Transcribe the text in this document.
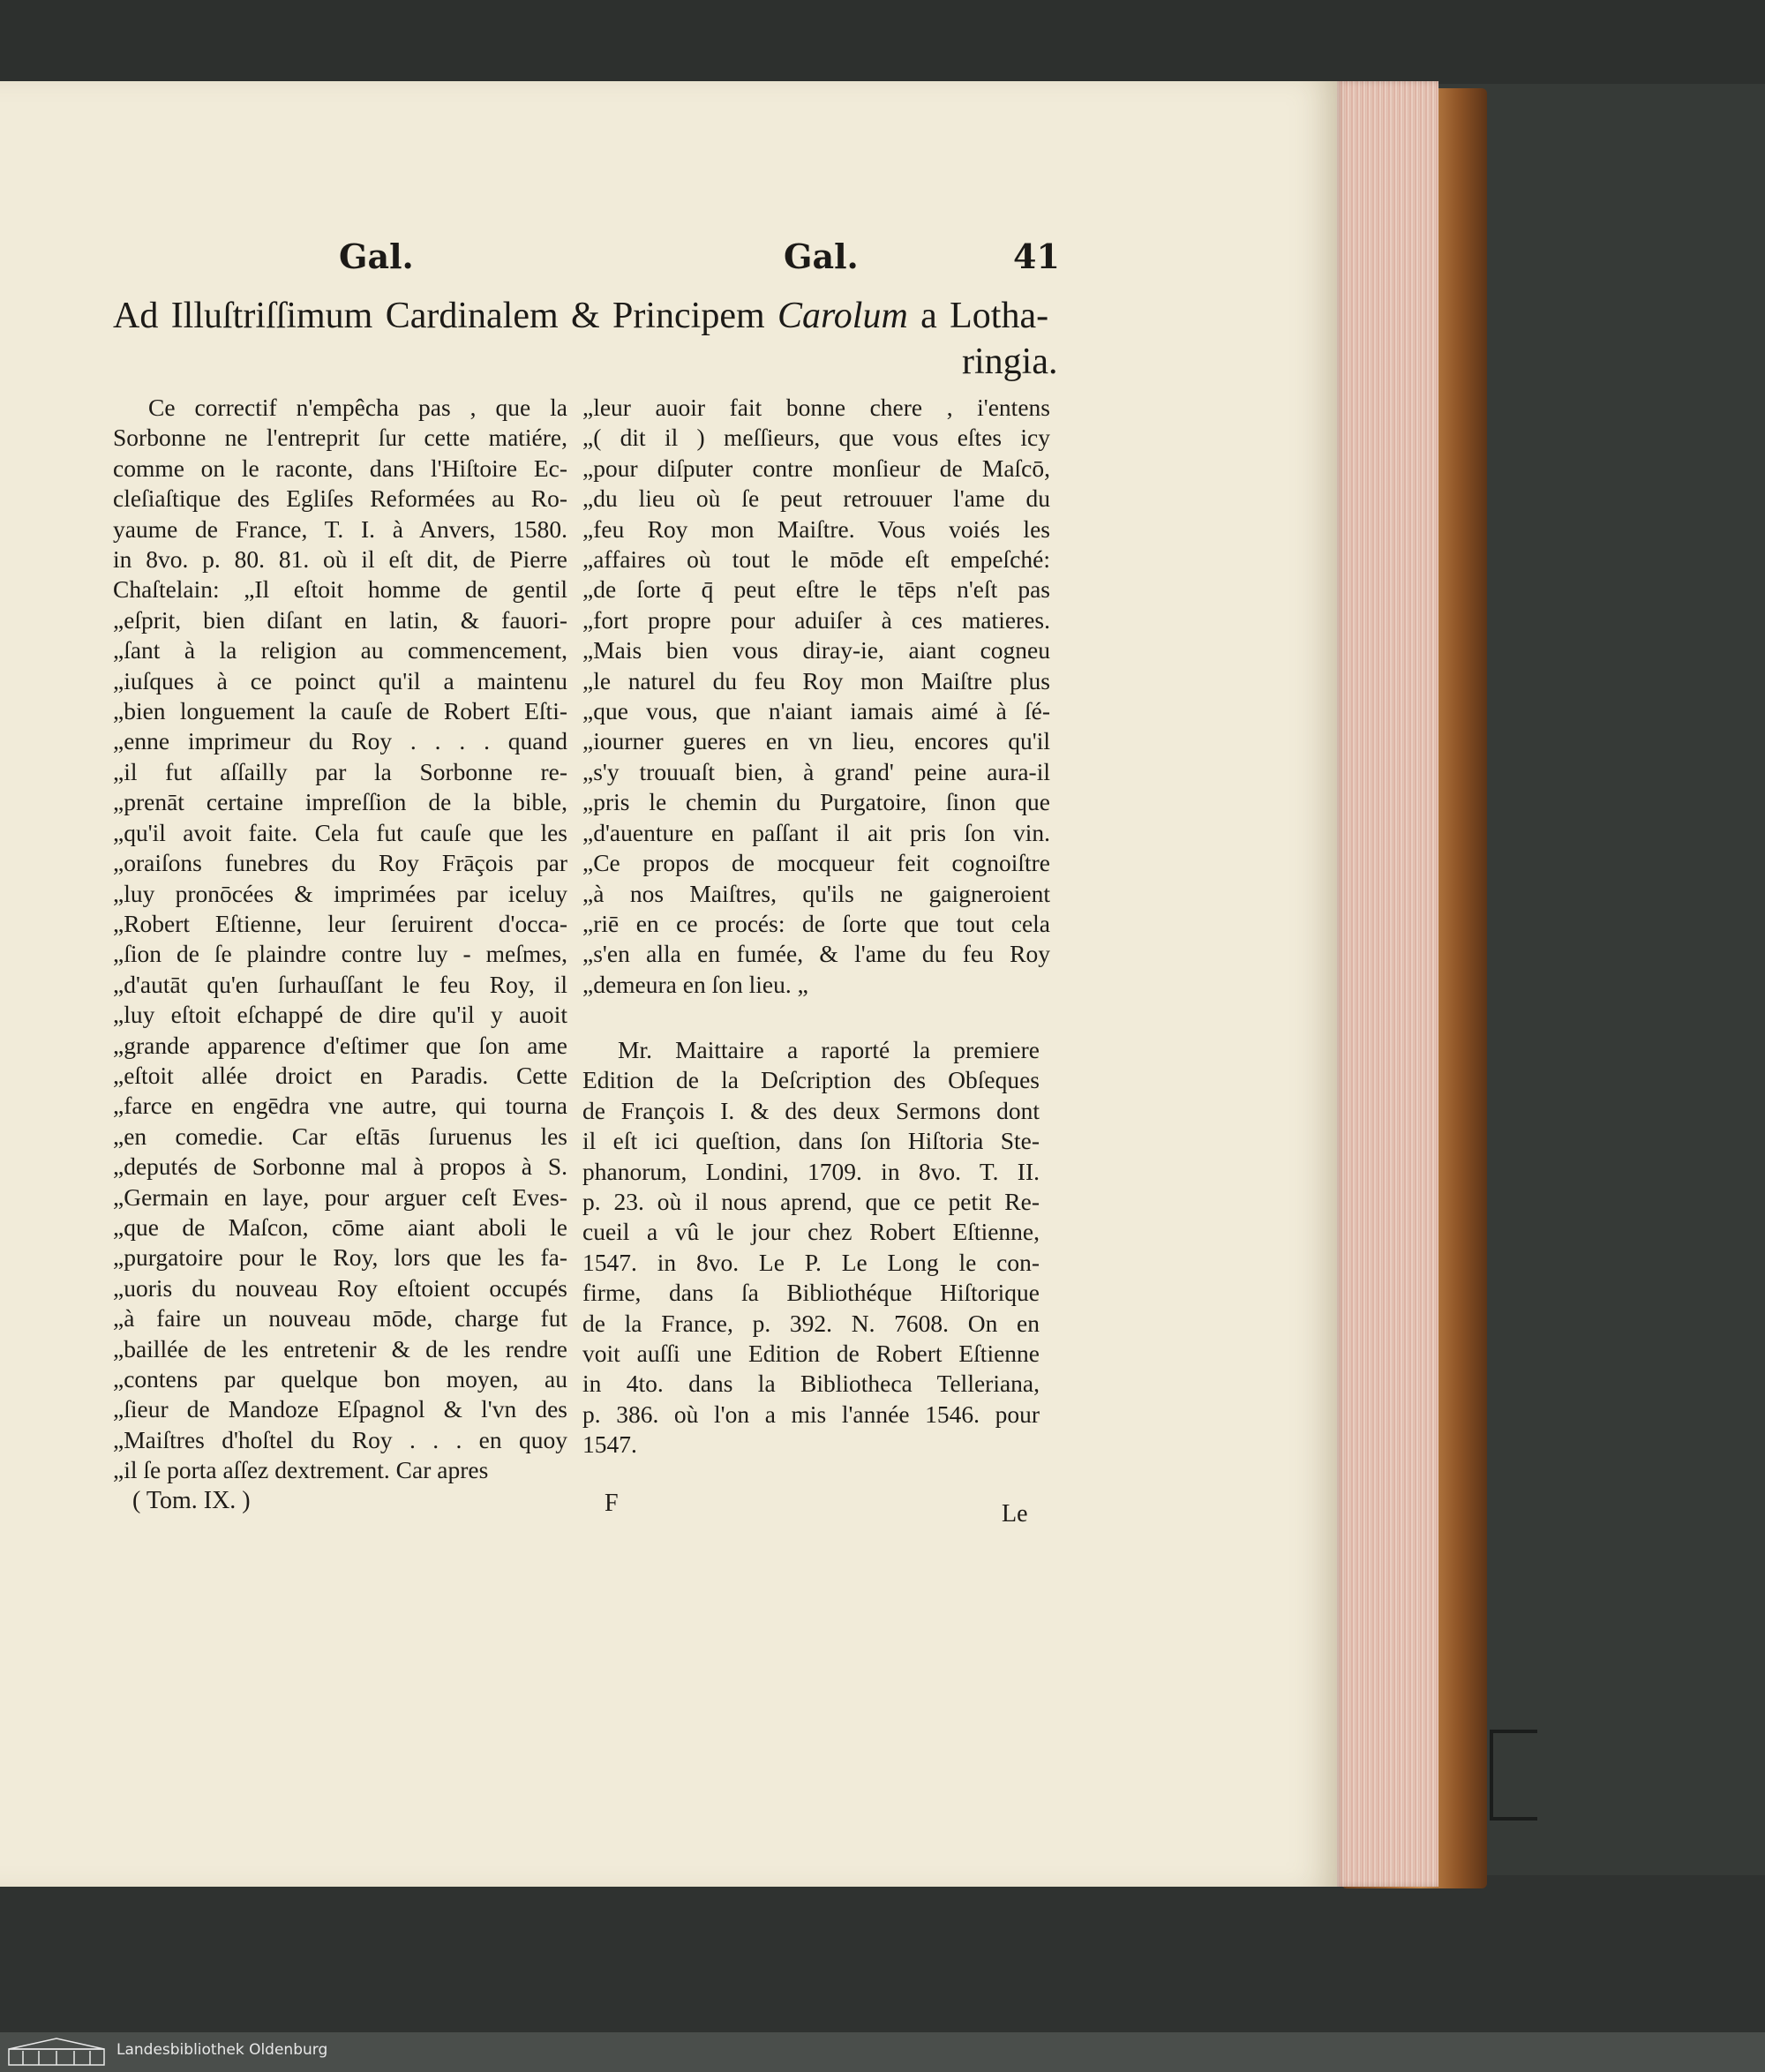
Gal.	Gal.	41
Ad Illuſtriſſimum Cardinalem & Principem Carolum a Lotha-
ringia.
Ce correctif n'empêcha pas , que la
Sorbonne ne l'entreprit ſur cette matiére,
comme on le raconte, dans l'Hiſtoire Ec-
cleſiaſtique des Egliſes Reformées au Ro-
yaume de France, T. I. à Anvers, 1580.
in 8vo. p. 80. 81. où il eſt dit, de Pierre
Chaſtelain: „Il eſtoit homme de gentil
„eſprit, bien diſant en latin, & fauori-
„ſant à la religion au commencement,
„iuſques à ce poinct qu'il a maintenu
„bien longuement la cauſe de Robert Eſti-
„enne imprimeur du Roy . . . . quand
„il fut aſſailly par la Sorbonne re-
„prenāt certaine impreſſion de la bible,
„qu'il avoit faite. Cela fut cauſe que les
„oraiſons funebres du Roy Frāçois par
„luy pronōcées & imprimées par iceluy
„Robert Eſtienne, leur ſeruirent d'occa-
„ſion de ſe plaindre contre luy - meſmes,
„d'autāt qu'en ſurhauſſant le feu Roy, il
„luy eſtoit eſchappé de dire qu'il y auoit
„grande apparence d'eſtimer que ſon ame
„eſtoit allée droict en Paradis. Cette
„farce en engēdra vne autre, qui tourna
„en comedie. Car eſtās ſuruenus les
„deputés de Sorbonne mal à propos à S.
„Germain en laye, pour arguer ceſt Eves-
„que de Maſcon, cōme aiant aboli le
„purgatoire pour le Roy, lors que les fa-
„uoris du nouveau Roy eſtoient occupés
„à faire un nouveau mōde, charge fut
„baillée de les entretenir & de les rendre
„contens par quelque bon moyen, au
„ſieur de Mandoze Eſpagnol & l'vn des
„Maiſtres d'hoſtel du Roy . . . en quoy
„il ſe porta aſſez dextrement. Car apres
„leur auoir fait bonne chere , i'entens
„( dit il ) meſſieurs, que vous eſtes icy
„pour diſputer contre monſieur de Maſcō,
„du lieu où ſe peut retrouuer l'ame du
„feu Roy mon Maiſtre. Vous voiés les
„affaires où tout le mōde eſt empeſché:
„de ſorte q̄ peut eſtre le tēps n'eſt pas
„fort propre pour aduiſer à ces matieres.
„Mais bien vous diray-ie, aiant cogneu
„le naturel du feu Roy mon Maiſtre plus
„que vous, que n'aiant iamais aimé à ſé-
„iourner gueres en vn lieu, encores qu'il
„s'y trouuaſt bien, à grand' peine aura-il
„pris le chemin du Purgatoire, ſinon que
„d'auenture en paſſant il ait pris ſon vin.
„Ce propos de mocqueur feit cognoiſtre
„à nos Maiſtres, qu'ils ne gaigneroient
„riē en ce procés: de ſorte que tout cela
„s'en alla en fumée, & l'ame du feu Roy
„demeura en ſon lieu. „
Mr. Maittaire a raporté la premiere
Edition de la Deſcription des Obſeques
de François I. & des deux Sermons dont
il eſt ici queſtion, dans ſon Hiſtoria Ste-
phanorum, Londini, 1709. in 8vo. T. II.
p. 23. où il nous aprend, que ce petit Re-
cueil a vû le jour chez Robert Eſtienne,
1547. in 8vo. Le P. Le Long le con-
firme, dans ſa Bibliothéque Hiſtorique
de la France, p. 392. N. 7608. On en
voit auſſi une Edition de Robert Eſtienne
in 4to. dans la Bibliotheca Telleriana,
p. 386. où l'on a mis l'année 1546. pour
1547.
( Tom. IX. )	F	Le
Landesbibliothek Oldenburg
